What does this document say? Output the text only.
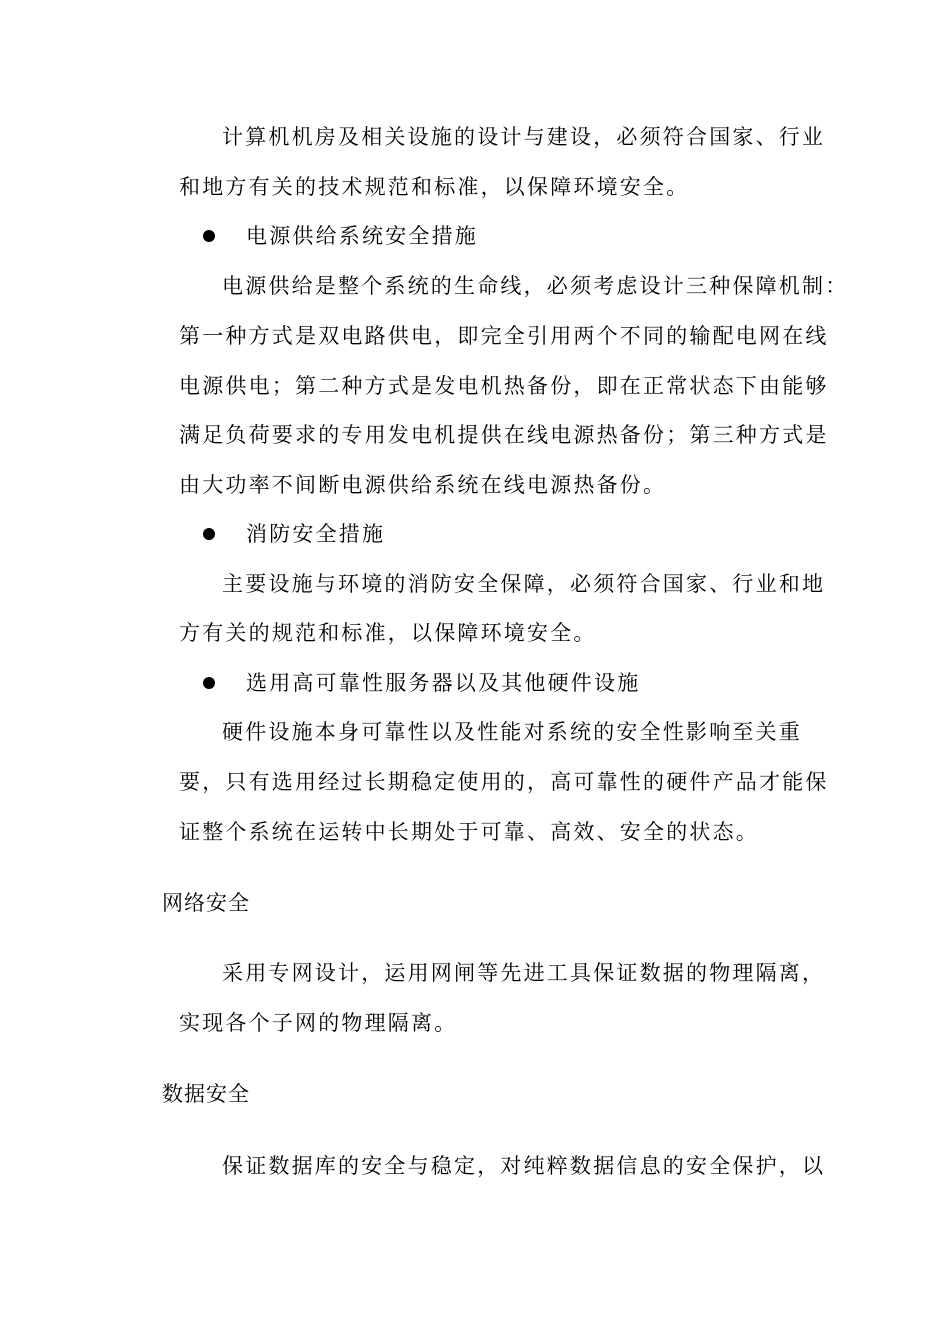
计算机机房及相关设施的设计与建设，必须符合国家、行业

和地方有关的技术规范和标准，以保障环境安全。

电源供给系统安全措施

电源供给是整个系统的生命线，必须考虑设计三种保障机制：

第一种方式是双电路供电，即完全引用两个不同的输配电网在线

电源供电；第二种方式是发电机热备份，即在正常状态下由能够

满足负荷要求的专用发电机提供在线电源热备份；第三种方式是

由大功率不间断电源供给系统在线电源热备份。

消防安全措施

主要设施与环境的消防安全保障，必须符合国家、行业和地

方有关的规范和标准，以保障环境安全。

选用高可靠性服务器以及其他硬件设施

硬件设施本身可靠性以及性能对系统的安全性影响至关重

要，只有选用经过长期稳定使用的，高可靠性的硬件产品才能保

证整个系统在运转中长期处于可靠、高效、安全的状态。

网络安全

采用专网设计，运用网闸等先进工具保证数据的物理隔离，

实现各个子网的物理隔离。

数据安全

保证数据库的安全与稳定，对纯粹数据信息的安全保护，以
